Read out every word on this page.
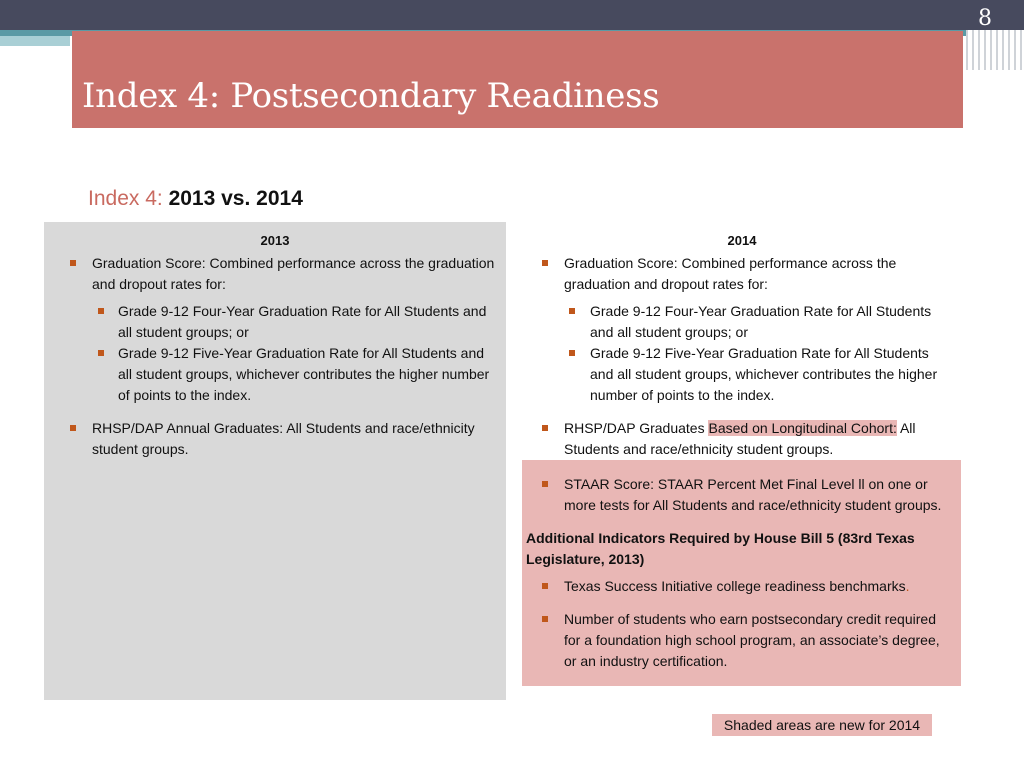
8
Index 4: Postsecondary Readiness
Index 4: 2013 vs. 2014
2013
Graduation Score: Combined performance across the graduation and dropout rates for:
Grade 9-12 Four-Year Graduation Rate for All Students and all student groups; or
Grade 9-12 Five-Year Graduation Rate for All Students and all student groups, whichever contributes the higher number of points to the index.
RHSP/DAP Annual Graduates: All Students and race/ethnicity student groups.
2014
Graduation Score: Combined performance across the graduation and dropout rates for:
Grade 9-12 Four-Year Graduation Rate for All Students and all student groups; or
Grade 9-12 Five-Year Graduation Rate for All Students and all student groups, whichever contributes the higher number of points to the index.
RHSP/DAP Graduates Based on Longitudinal Cohort: All Students and race/ethnicity student groups.
STAAR Score: STAAR Percent Met Final Level ll on one or more tests for All Students and race/ethnicity student groups.
Additional Indicators Required by House Bill 5 (83rd Texas Legislature, 2013)
Texas Success Initiative college readiness benchmarks.
Number of students who earn postsecondary credit required for a foundation high school program, an associate’s degree, or an industry certification.
Shaded areas are new for 2014
